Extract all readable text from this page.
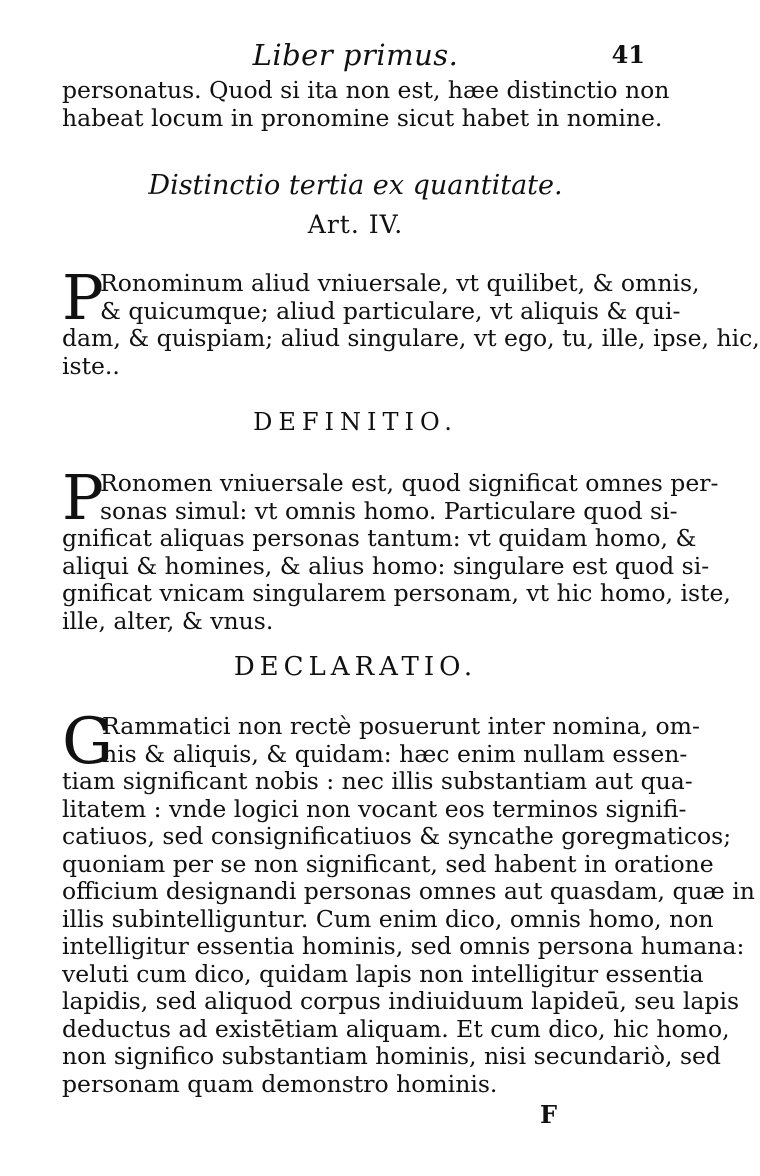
Liber primus.	41
personatus. Quod si ita non est, hæe distinctio non
habeat locum in pronomine sicut habet in nomine.
Distinctio tertia ex quantitate.
Art. IV.
P
Ronominum aliud vniuersale, vt quilibet, & omnis,
& quicumque; aliud particulare, vt aliquis & qui-
dam, & quispiam; aliud singulare, vt ego, tu, ille, ipse, hic,
iste..
DEFINITIO.
P
Ronomen vniuersale est, quod significat omnes per-
sonas simul: vt omnis homo. Particulare quod si-
gnificat aliquas personas tantum: vt quidam homo, &
aliqui & homines, & alius homo: singulare est quod si-
gnificat vnicam singularem personam, vt hic homo, iste,
ille, alter, & vnus.
DECLARATIO.
G
Rammatici non rectè posuerunt inter nomina, om-
nis & aliquis, & quidam: hæc enim nullam essen-
tiam significant nobis : nec illis substantiam aut qua-
litatem : vnde logici non vocant eos terminos signifi-
catiuos, sed consignificatiuos & syncathe goregmaticos;
quoniam per se non significant, sed habent in oratione
officium designandi personas omnes aut quasdam, quæ in
illis subintelliguntur. Cum enim dico, omnis homo, non
intelligitur essentia hominis, sed omnis persona humana:
veluti cum dico, quidam lapis non intelligitur essentia
lapidis, sed aliquod corpus indiuiduum lapideū, seu lapis
deductus ad existētiam aliquam. Et cum dico, hic homo,
non significo substantiam hominis, nisi secundariò, sed
personam quam demonstro hominis.
F
